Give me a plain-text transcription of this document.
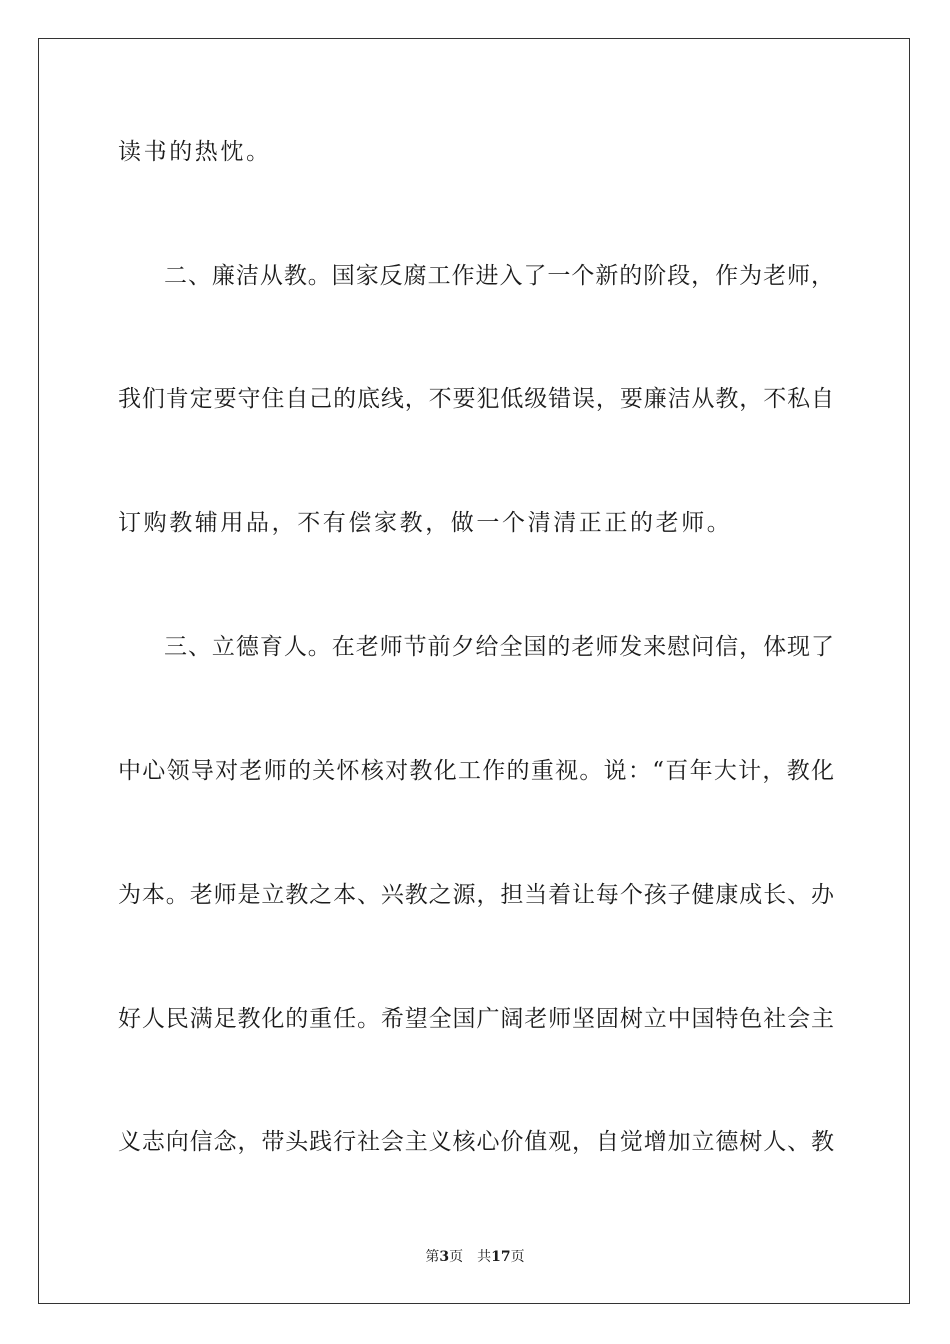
读书的热忱。
二、廉洁从教。国家反腐工作进入了一个新的阶段，作为老师，
我们肯定要守住自己的底线，不要犯低级错误，要廉洁从教，不私自
订购教辅用品，不有偿家教，做一个清清正正的老师。
三、立德育人。在老师节前夕给全国的老师发来慰问信，体现了
中心领导对老师的关怀核对教化工作的重视。说：“百年大计，教化
为本。老师是立教之本、兴教之源，担当着让每个孩子健康成长、办
好人民满足教化的重任。希望全国广阔老师坚固树立中国特色社会主
义志向信念，带头践行社会主义核心价值观，自觉增加立德树人、教
第3页 共17页
